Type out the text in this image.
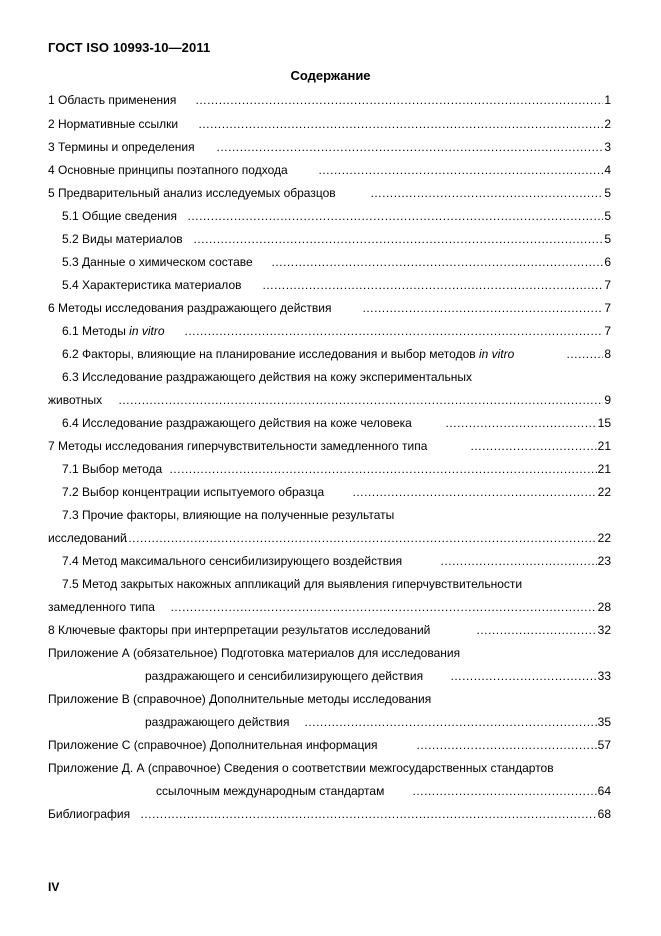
ГОСТ ISO 10993-10—2011
Содержание
1 Область применения ………………………………………………………………………………………………………………………………………………………………………………………………………………………………	1
2 Нормативные ссылки ………………………………………………………………………………………………………………………………………………………………………………………………………………………………	2
3 Термины и определения ………………………………………………………………………………………………………………………………………………………………………………………………………………………………	3
4 Основные принципы поэтапного подхода ………………………………………………………………………………………………………………………………………………………………………………………………………………………………	4
5 Предварительный анализ исследуемых образцов ………………………………………………………………………………………………………………………………………………………………………………………………………………………………	5
5.1 Общие сведения ………………………………………………………………………………………………………………………………………………………………………………………………………………………………	5
5.2 Виды материалов ………………………………………………………………………………………………………………………………………………………………………………………………………………………………	5
5.3 Данные о химическом составе ………………………………………………………………………………………………………………………………………………………………………………………………………………………………	6
5.4 Характеристика материалов ………………………………………………………………………………………………………………………………………………………………………………………………………………………………	7
6 Методы исследования раздражающего действия ………………………………………………………………………………………………………………………………………………………………………………………………………………………………	7
6.1 Методы in vitro ………………………………………………………………………………………………………………………………………………………………………………………………………………………………	7
6.2 Факторы, влияющие на планирование исследования и выбор методов in vitro ………………………………………………………………………………………………………………………………………………………………………………………………………………………………	8
6.3 Исследование раздражающего действия на кожу экспериментальных
животных ………………………………………………………………………………………………………………………………………………………………………………………………………………………………	9
6.4 Исследование раздражающего действия на коже человека ………………………………………………………………………………………………………………………………………………………………………………………………………………………………	15
7 Методы исследования гиперчувствительности замедленного типа ………………………………………………………………………………………………………………………………………………………………………………………………………………………………	21
7.1 Выбор метода ………………………………………………………………………………………………………………………………………………………………………………………………………………………………	21
7.2 Выбор концентрации испытуемого образца ………………………………………………………………………………………………………………………………………………………………………………………………………………………………	22
7.3 Прочие факторы, влияющие на полученные результаты
исследований ………………………………………………………………………………………………………………………………………………………………………………………………………………………………	22
7.4 Метод максимального сенсибилизирующего воздействия ………………………………………………………………………………………………………………………………………………………………………………………………………………………………	23
7.5 Метод закрытых накожных аппликаций для выявления гиперчувствительности
замедленного типа ………………………………………………………………………………………………………………………………………………………………………………………………………………………………	28
8 Ключевые факторы при интерпретации результатов исследований ………………………………………………………………………………………………………………………………………………………………………………………………………………………………	32
Приложение А (обязательное) Подготовка материалов для исследования
раздражающего и сенсибилизирующего действия ………………………………………………………………………………………………………………………………………………………………………………………………………………………………	33
Приложение В (справочное) Дополнительные методы исследования
раздражающего действия ………………………………………………………………………………………………………………………………………………………………………………………………………………………………	35
Приложение С (справочное) Дополнительная информация ………………………………………………………………………………………………………………………………………………………………………………………………………………………………	57
Приложение Д. А (справочное) Сведения о соответствии межгосударственных стандартов
ссылочным международным стандартам ………………………………………………………………………………………………………………………………………………………………………………………………………………………………	64
Библиография ………………………………………………………………………………………………………………………………………………………………………………………………………………………………	68
IV
